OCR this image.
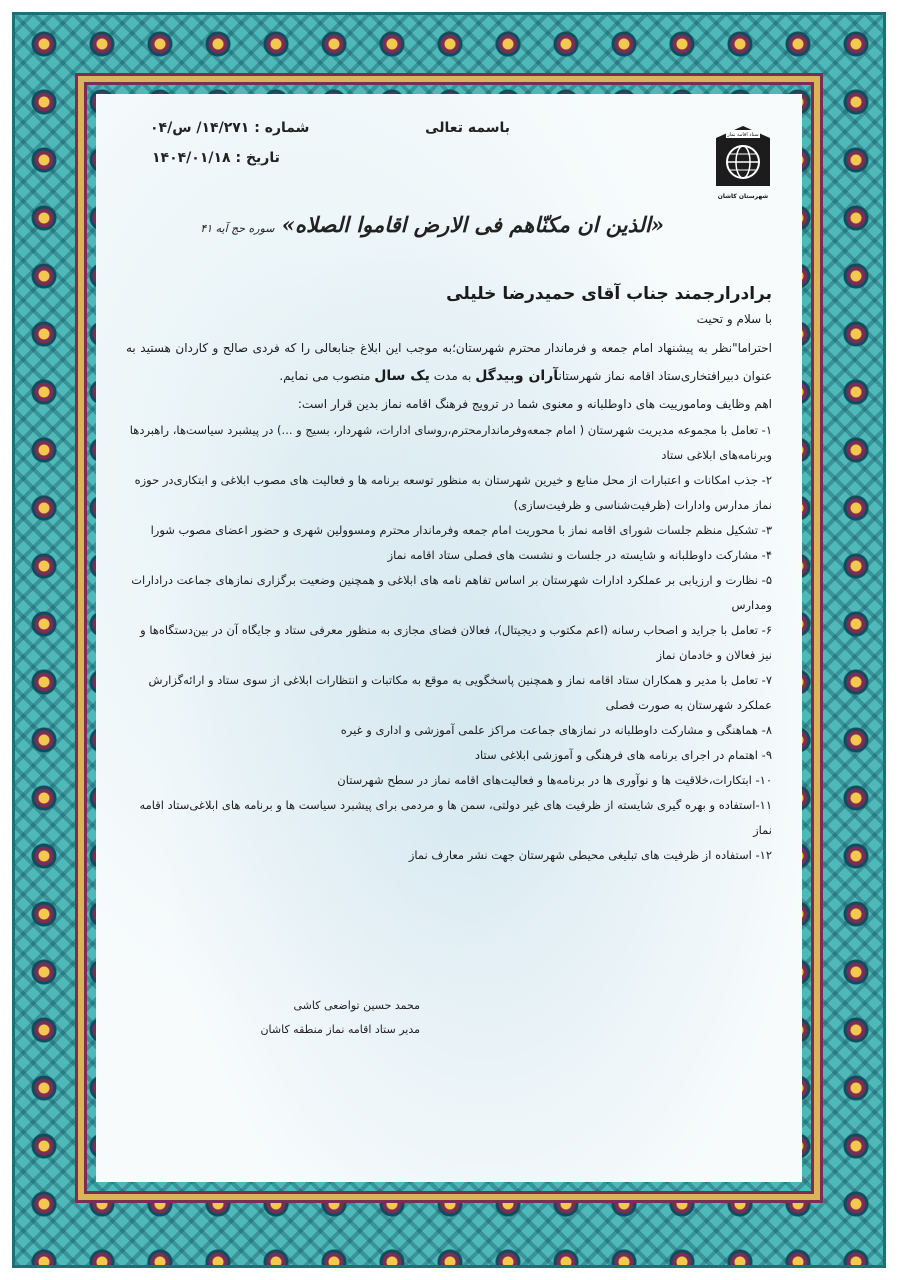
ستاد اقامه نماز
شهرستان کاشان
باسمه تعالی
شماره : ۱۴/۲۷۱/ س/۰۴
تاریخ : ۱۴۰۴/۰۱/۱۸
«الذین ان مکنّاهم فی الارض اقاموا الصلاه» سوره حج آیه ۴۱
برادرارجمند جناب آقای حمیدرضا خلیلی
با سلام و تحیت

احتراما"نظر به پیشنهاد امام جمعه و فرماندار محترم شهرستان؛به موجب این ابلاغ جنابعالی را که فردی صالح و کاردان هستید به عنوان دبیرافتخاری‌ستاد اقامه نماز شهرستانآران وبیدگل به مدت یک سال منصوب می نمایم.

اهم وظایف ومامورییت های داوطلبانه و معنوی شما در ترویج فرهنگ اقامه نماز بدین قرار است:

۱- تعامل با مجموعه مدیریت شهرستان ( امام جمعه‌وفرماندارمحترم،روسای ادارات، شهردار، بسیج و ...) در پیشبرد سیاست‌ها، راهبردها وبرنامه‌های ابلاغی ستاد
۲- جذب امکانات و اعتبارات از محل منابع و خیرین شهرستان به منظور توسعه برنامه ها و فعالیت های مصوب ابلاغی و ابتکاری‌در حوزه نماز مدارس وادارات (ظرفیت‌شناسی و ظرفیت‌سازی)
۳- تشکیل منظم جلسات شورای اقامه نماز با محوریت امام جمعه وفرماندار محترم ومسوولین شهری و حضور اعضای مصوب شورا
۴- مشارکت داوطلبانه و شایسته در جلسات و نشست های فصلی ستاد اقامه نماز
۵- نظارت و ارزیابی بر عملکرد ادارات شهرستان بر اساس تفاهم نامه های ابلاغی و همچنین وضعیت برگزاری نمازهای جماعت درادارات ومدارس
۶- تعامل با جراید و اصحاب رسانه (اعم مکتوب و دیجیتال)، فعالان فضای مجازی به منظور معرفی ستاد و جایگاه آن در بین‌دستگاه‌ها و نیز فعالان و خادمان نماز
۷- تعامل با مدیر و همکاران ستاد اقامه نماز و همچنین پاسخگویی به موقع به مکاتبات و انتظارات ابلاغی از سوی ستاد و ارائه‌گزارش عملکرد شهرستان به صورت فصلی
۸- هماهنگی و مشارکت داوطلبانه در نمازهای جماعت مراکز علمی آموزشی و اداری و غیره
۹- اهتمام در اجرای برنامه های فرهنگی و آموزشی ابلاغی ستاد
۱۰- ابتکارات،خلاقیت ها و نوآوری ها در برنامه‌ها و فعالیت‌های اقامه نماز در سطح شهرستان
۱۱-استفاده و بهره گیری شایسته از ظرفیت های غیر دولتی، سمن ها و مردمی برای پیشبرد سیاست ها و برنامه های ابلاغی‌ستاد اقامه نماز
۱۲- استفاده از ظرفیت های تبلیغی محیطی شهرستان جهت نشر معارف نماز
محمد حسین تواضعی کاشی
مدیر ستاد اقامه نماز منطقه کاشان
